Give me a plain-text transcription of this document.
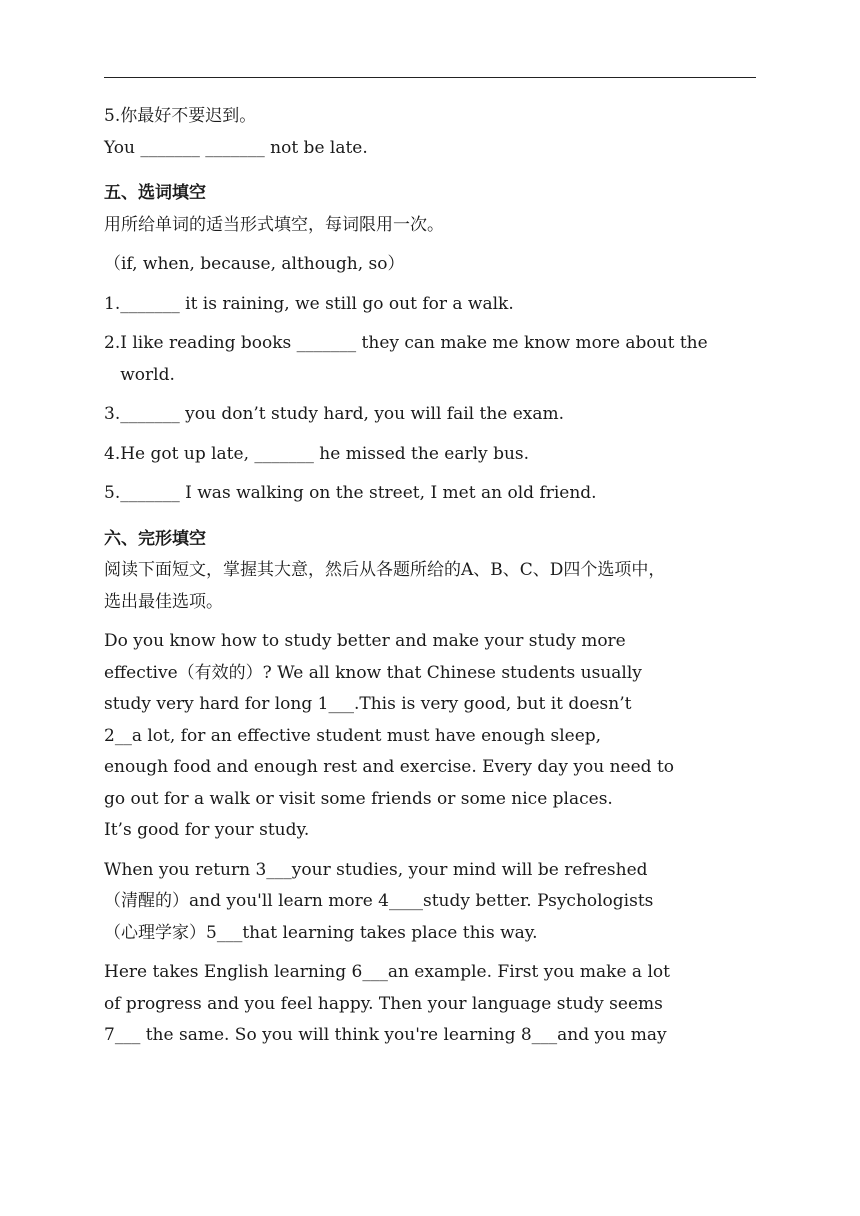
5.你最好不要迟到。
You _______ _______ not be late.
五、选词填空
用所给单词的适当形式填空，每词限用一次。
（if, when, because, although, so）
1. _______ it is raining, we still go out for a walk.
2. I like reading books _______ they can make me know more about the world.
3. _______ you don’t study hard, you will fail the exam.
4. He got up late, _______ he missed the early bus.
5. _______ I was walking on the street, I met an old friend.
六、完形填空
阅读下面短文，掌握其大意，然后从各题所给的A、B、C、D四个选项中，
选出最佳选项。
Do you know how to study better and make your study more
effective（有效的）? We all know that Chinese students usually
study very hard for long 1___.This is very good, but it doesn’t
2__a lot, for an effective student must have enough sleep,
enough food and enough rest and exercise. Every day you need to
go out for a walk or visit some friends or some nice places.
It’s good for your study.
When you return 3___your studies, your mind will be refreshed
（清醒的）and you'll learn more 4____study better. Psychologists
（心理学家）5___that learning takes place this way.
Here takes English learning 6___an example. First you make a lot
of progress and you feel happy. Then your language study seems
7___ the same. So you will think you're learning 8___and you may
